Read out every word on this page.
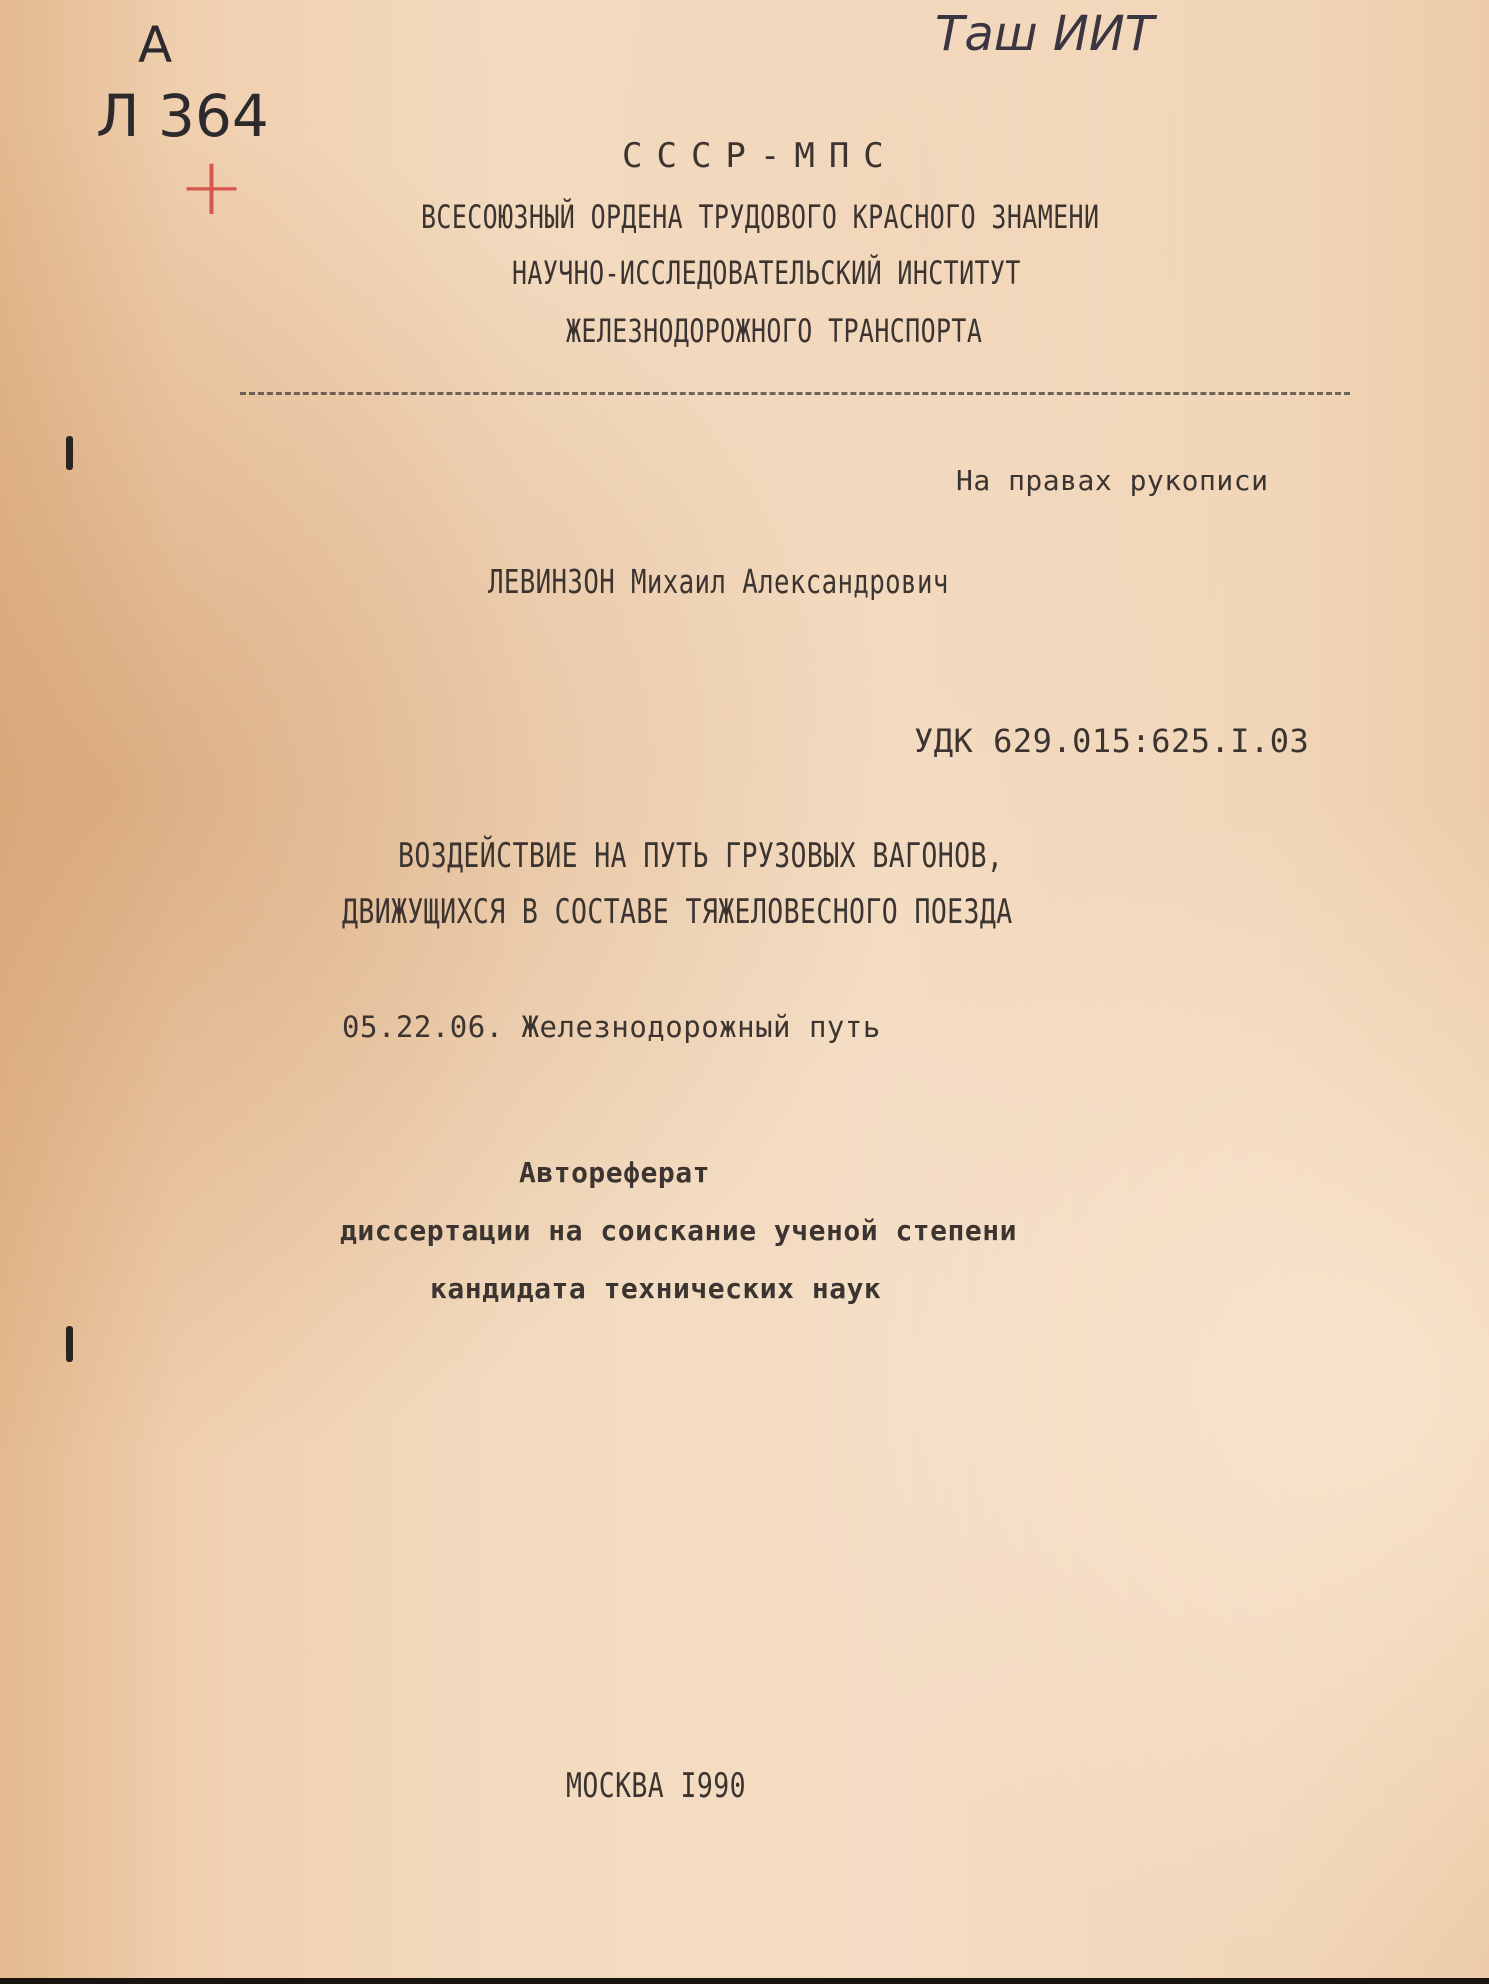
А
Л 364
+
Таш ИИТ
СССР-МПС
ВСЕСОЮЗНЫЙ ОРДЕНА ТРУДОВОГО КРАСНОГО ЗНАМЕНИ
НАУЧНО-ИССЛЕДОВАТЕЛЬСКИЙ ИНСТИТУТ
ЖЕЛЕЗНОДОРОЖНОГО ТРАНСПОРТА
На правах рукописи
ЛЕВИНЗОН Михаил Александрович
УДК 629.015:625.I.03
ВОЗДЕЙСТВИЕ НА ПУТЬ ГРУЗОВЫХ ВАГОНОВ,
ДВИЖУЩИХСЯ В СОСТАВЕ ТЯЖЕЛОВЕСНОГО ПОЕЗДА
05.22.06. Железнодорожный путь
Автореферат
диссертации на соискание ученой степени
кандидата технических наук
МОСКВА I990
